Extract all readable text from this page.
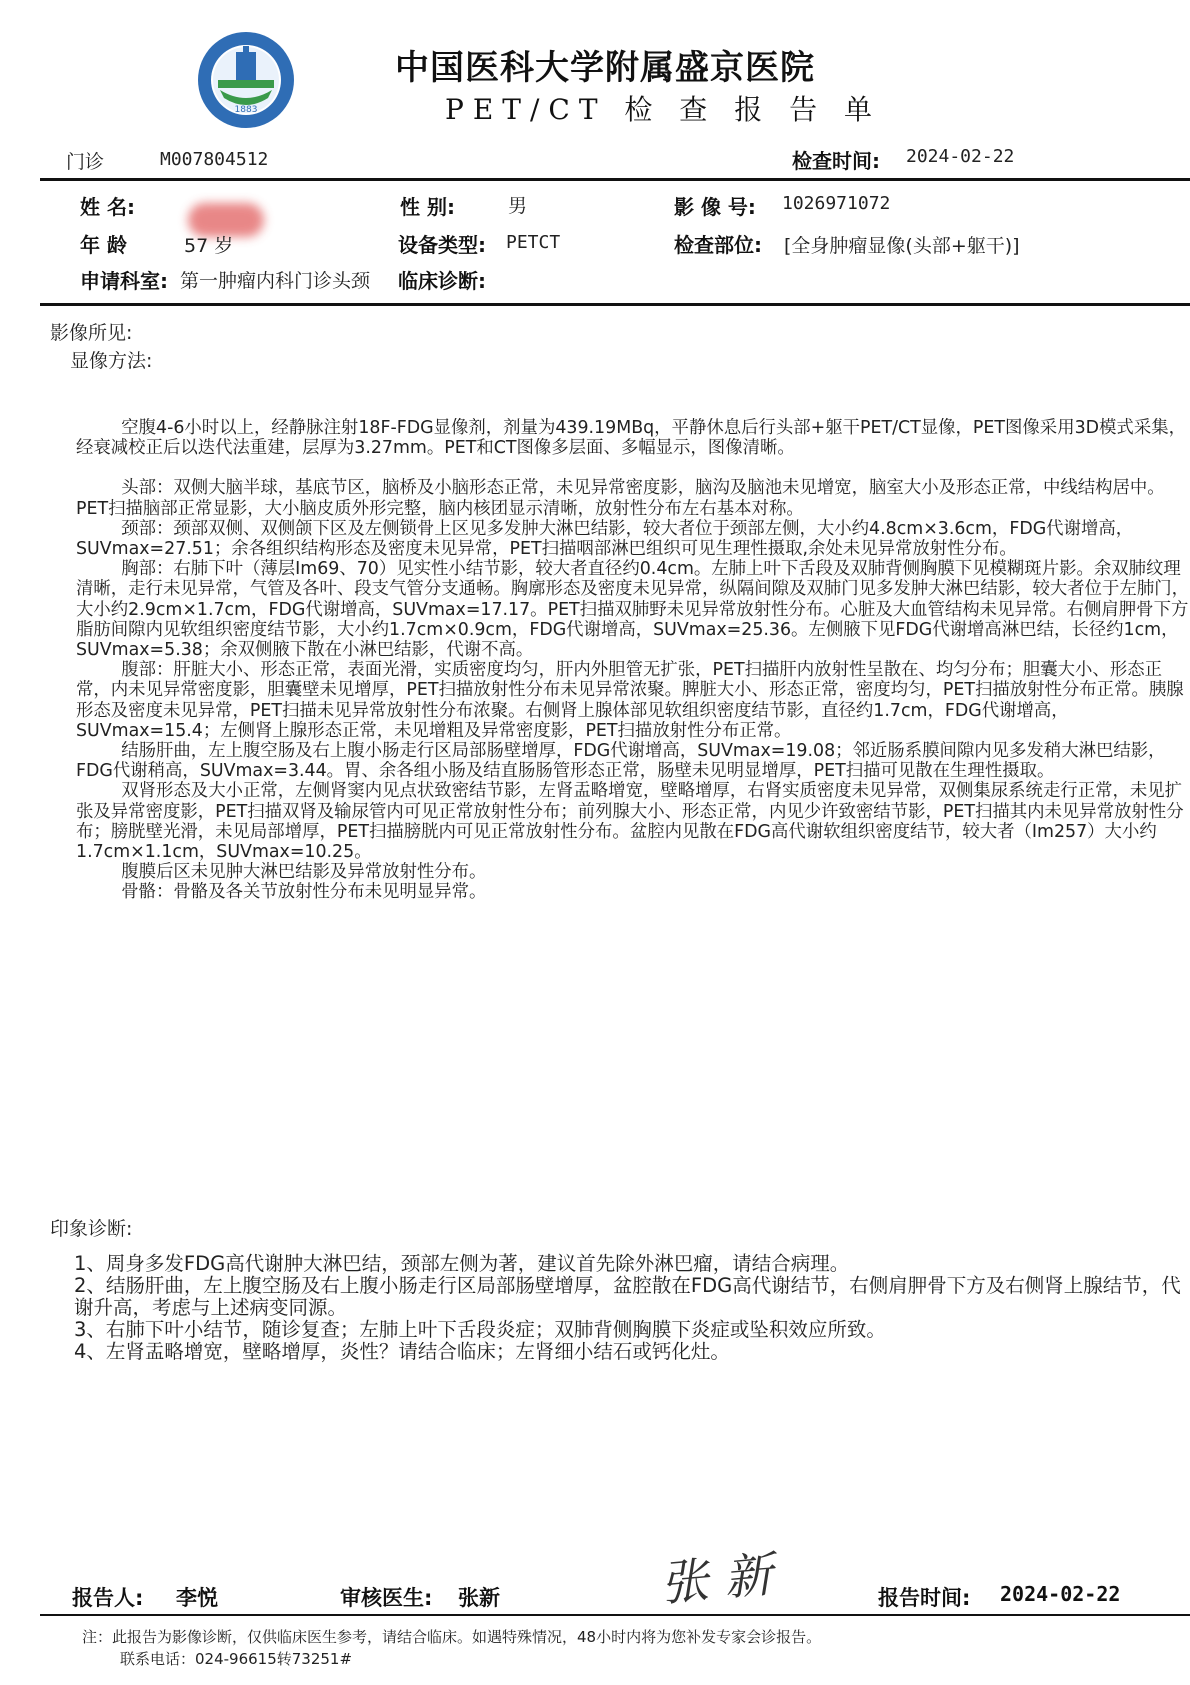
1883
中国医科大学附属盛京医院
PET/CT 检 查 报 告 单
门诊	M007804512	检查时间: 2024-02-22
姓 名:	性 别:	男	影 像 号: 1026971072
年 龄	57 岁	设备类型: PETCT	检查部位: [全身肿瘤显像(头部+躯干)]
申请科室: 第一肿瘤内科门诊头颈 临床诊断:
影像所见:
显像方法:

空腹4-6小时以上，经静脉注射18F-FDG显像剂，剂量为439.19MBq，平静休息后行头部+躯干PET/CT显像，PET图像采用3D模式采集，经衰减校正后以迭代法重建，层厚为3.27mm。PET和CT图像多层面、多幅显示，图像清晰。

头部：双侧大脑半球，基底节区，脑桥及小脑形态正常，未见异常密度影，脑沟及脑池未见增宽，脑室大小及形态正常，中线结构居中。PET扫描脑部正常显影，大小脑皮质外形完整，脑内核团显示清晰，放射性分布左右基本对称。

颈部：颈部双侧、双侧颌下区及左侧锁骨上区见多发肿大淋巴结影，较大者位于颈部左侧，大小约4.8cm×3.6cm，FDG代谢增高，SUVmax=27.51；余各组织结构形态及密度未见异常，PET扫描咽部淋巴组织可见生理性摄取,余处未见异常放射性分布。

胸部：右肺下叶（薄层Im69、70）见实性小结节影，较大者直径约0.4cm。左肺上叶下舌段及双肺背侧胸膜下见模糊斑片影。余双肺纹理清晰，走行未见异常，气管及各叶、段支气管分支通畅。胸廓形态及密度未见异常，纵隔间隙及双肺门见多发肿大淋巴结影，较大者位于左肺门，大小约2.9cm×1.7cm，FDG代谢增高，SUVmax=17.17。PET扫描双肺野未见异常放射性分布。心脏及大血管结构未见异常。右侧肩胛骨下方脂肪间隙内见软组织密度结节影，大小约1.7cm×0.9cm，FDG代谢增高，SUVmax=25.36。左侧腋下见FDG代谢增高淋巴结，长径约1cm，SUVmax=5.38；余双侧腋下散在小淋巴结影，代谢不高。

腹部：肝脏大小、形态正常，表面光滑，实质密度均匀，肝内外胆管无扩张，PET扫描肝内放射性呈散在、均匀分布；胆囊大小、形态正常，内未见异常密度影，胆囊壁未见增厚，PET扫描放射性分布未见异常浓聚。脾脏大小、形态正常，密度均匀，PET扫描放射性分布正常。胰腺形态及密度未见异常，PET扫描未见异常放射性分布浓聚。右侧肾上腺体部见软组织密度结节影，直径约1.7cm，FDG代谢增高，SUVmax=15.4；左侧肾上腺形态正常，未见增粗及异常密度影，PET扫描放射性分布正常。

结肠肝曲，左上腹空肠及右上腹小肠走行区局部肠壁增厚，FDG代谢增高，SUVmax=19.08；邻近肠系膜间隙内见多发稍大淋巴结影，FDG代谢稍高，SUVmax=3.44。胃、余各组小肠及结直肠肠管形态正常，肠壁未见明显增厚，PET扫描可见散在生理性摄取。

双肾形态及大小正常，左侧肾窦内见点状致密结节影，左肾盂略增宽，壁略增厚，右肾实质密度未见异常，双侧集尿系统走行正常，未见扩张及异常密度影，PET扫描双肾及输尿管内可见正常放射性分布；前列腺大小、形态正常，内见少许致密结节影，PET扫描其内未见异常放射性分布；膀胱壁光滑，未见局部增厚，PET扫描膀胱内可见正常放射性分布。盆腔内见散在FDG高代谢软组织密度结节，较大者（Im257）大小约1.7cm×1.1cm，SUVmax=10.25。

腹膜后区未见肿大淋巴结影及异常放射性分布。

骨骼：骨骼及各关节放射性分布未见明显异常。

印象诊断:

1、周身多发FDG高代谢肿大淋巴结，颈部左侧为著，建议首先除外淋巴瘤，请结合病理。

2、结肠肝曲，左上腹空肠及右上腹小肠走行区局部肠壁增厚，盆腔散在FDG高代谢结节，右侧肩胛骨下方及右侧肾上腺结节，代谢升高，考虑与上述病变同源。

3、右肺下叶小结节，随诊复查；左肺上叶下舌段炎症；双肺背侧胸膜下炎症或坠积效应所致。

4、左肾盂略增宽，壁略增厚，炎性？请结合临床；左肾细小结石或钙化灶。

报告人: 李悦	审核医生: 张新	张新	报告时间: 2024-02-22
注：此报告为影像诊断，仅供临床医生参考，请结合临床。如遇特殊情况，48小时内将为您补发专家会诊报告。
联系电话：024-96615转73251#
